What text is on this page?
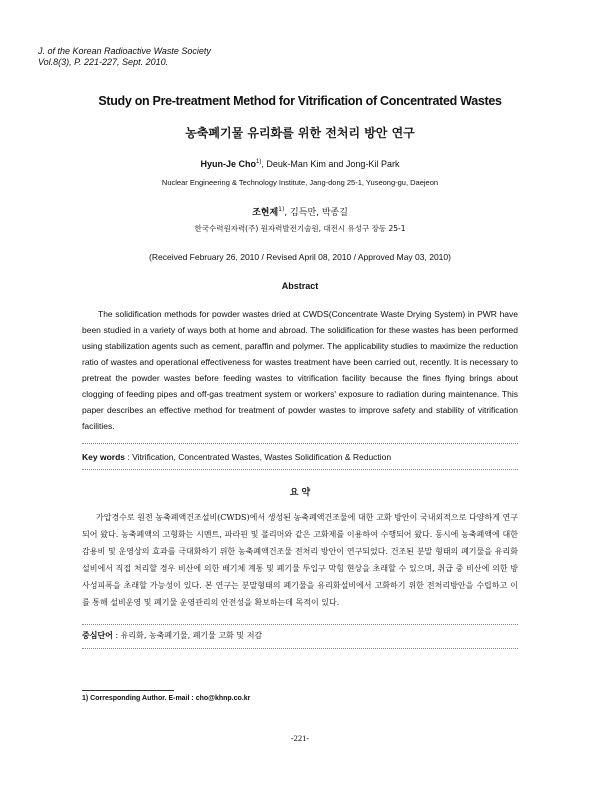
J. of the Korean Radioactive Waste Society
Vol.8(3), P. 221-227, Sept. 2010.
Study on Pre-treatment Method for Vitrification of Concentrated Wastes
농축폐기물 유리화를 위한 전처리 방안 연구
Hyun-Je Cho$^{1)}$, Deuk-Man Kim and Jong-Kil Park
Nuclear Engineering & Technology Institute, Jang-dong 25-1, Yuseong-gu, Daejeon
조현제$^{1)}$, 김득만, 박종길
한국수력원자력(주) 원자력발전기술원, 대전시 유성구 장동 25-1
(Received February 26, 2010 / Revised April 08, 2010 / Approved May 03, 2010)
Abstract

The solidification methods for powder wastes dried at CWDS(Concentrate Waste Drying System) in PWR have been studied in a variety of ways both at home and abroad. The solidification for these wastes has been performed using stabilization agents such as cement, paraffin and polymer. The applicability studies to maximize the reduction ratio of wastes and operational effectiveness for wastes treatment have been carried out, recently. It is necessary to pretreat the powder wastes before feeding wastes to vitrification facility because the fines flying brings about clogging of feeding pipes and off-gas treatment system or workers' exposure to radiation during maintenance. This paper describes an effective method for treatment of powder wastes to improve safety and stability of vitrification facilities.

Key words : Vitrification, Concentrated Wastes, Wastes Solidification & Reduction
요 약

가압경수로 원전 농축폐액건조설비(CWDS)에서 생성된 농축폐액건조물에 대한 고화 방안이 국내외적으로 다양하게 연구되어 왔다. 농축폐액의 고형화는 시멘트, 파라핀 및 폴리머와 같은 고화제를 이용하여 수행되어 왔다. 동시에 농축폐액에 대한 감용비 및 운영상의 효과를 극대화하기 위한 농축폐액건조물 전처리 방안이 연구되었다. 건조된 분말 형태의 폐기물을 유리화 설비에서 직접 처리할 경우 비산에 의한 배기체 계통 및 폐기물 투입구 막힘 현상을 초래할 수 있으며, 취급 중 비산에 의한 방사성피폭을 초래할 가능성이 있다. 본 연구는 분말형태의 폐기물을 유리화설비에서 고화하기 위한 전처리방안을 수립하고 이를 통해 설비운영 및 폐기물 운영관리의 안전성을 확보하는데 목적이 있다.

중심단어 : 유리화, 농축폐기물, 폐기물 고화 및 저감
1) Corresponding Author. E-mail : cho@khnp.co.kr
-221-
